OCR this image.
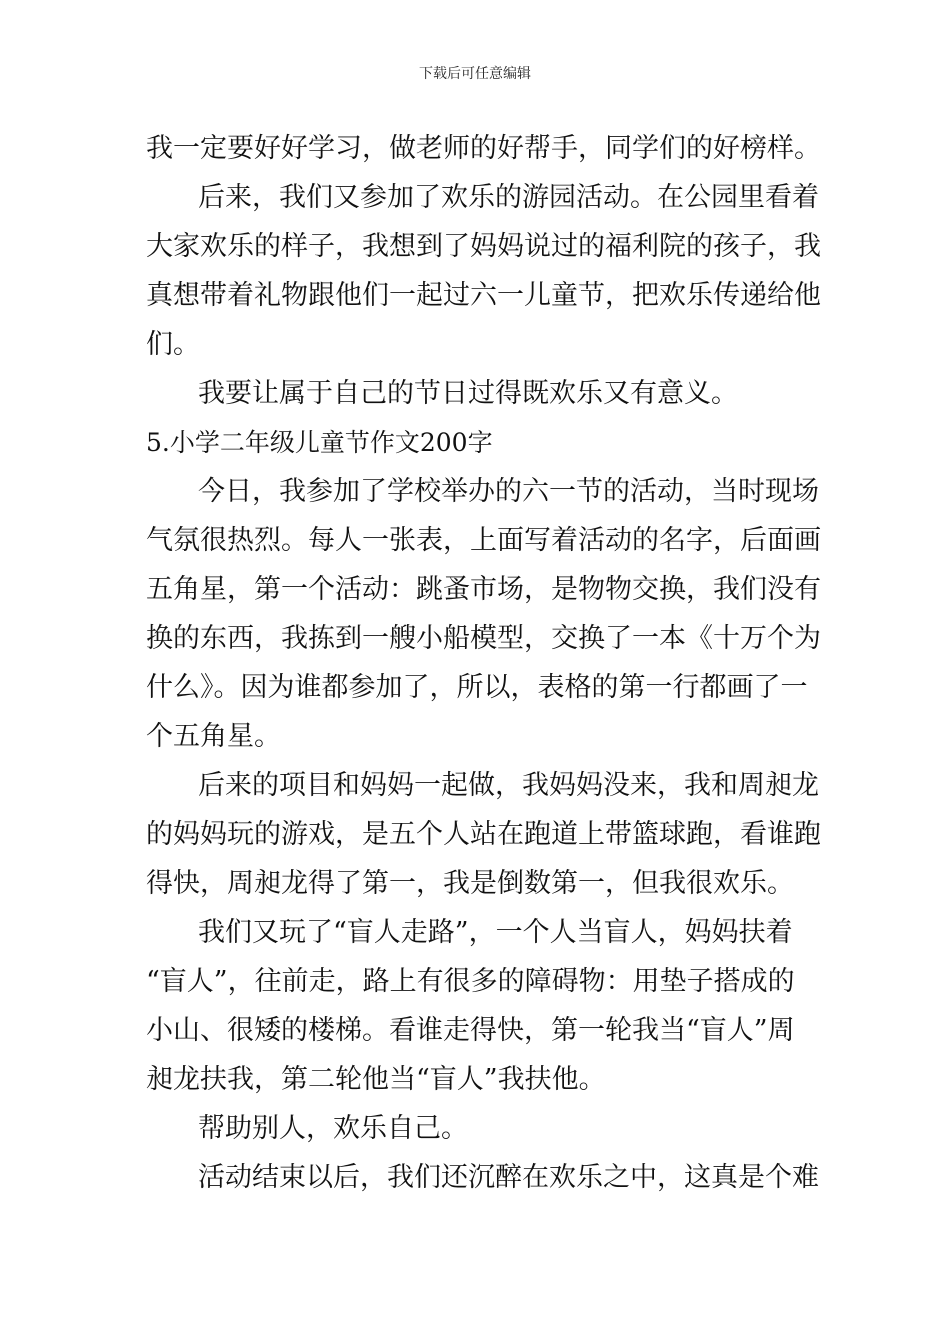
下载后可任意编辑
我一定要好好学习，做老师的好帮手，同学们的好榜样。
后来，我们又参加了欢乐的游园活动。在公园里看着
大家欢乐的样子，我想到了妈妈说过的福利院的孩子，我
真想带着礼物跟他们一起过六一儿童节，把欢乐传递给他
们。
我要让属于自己的节日过得既欢乐又有意义。
5.小学二年级儿童节作文200字
今日，我参加了学校举办的六一节的活动，当时现场
气氛很热烈。每人一张表，上面写着活动的名字，后面画
五角星，第一个活动：跳蚤市场，是物物交换，我们没有
换的东西，我拣到一艘小船模型，交换了一本《十万个为
什么》。因为谁都参加了，所以，表格的第一行都画了一
个五角星。
后来的项目和妈妈一起做，我妈妈没来，我和周昶龙
的妈妈玩的游戏，是五个人站在跑道上带篮球跑，看谁跑
得快，周昶龙得了第一，我是倒数第一，但我很欢乐。
我们又玩了“盲人走路”，一个人当盲人，妈妈扶着
“盲人”，往前走，路上有很多的障碍物：用垫子搭成的
小山、很矮的楼梯。看谁走得快，第一轮我当“盲人”周
昶龙扶我，第二轮他当“盲人”我扶他。
帮助别人，欢乐自己。
活动结束以后，我们还沉醉在欢乐之中，这真是个难
